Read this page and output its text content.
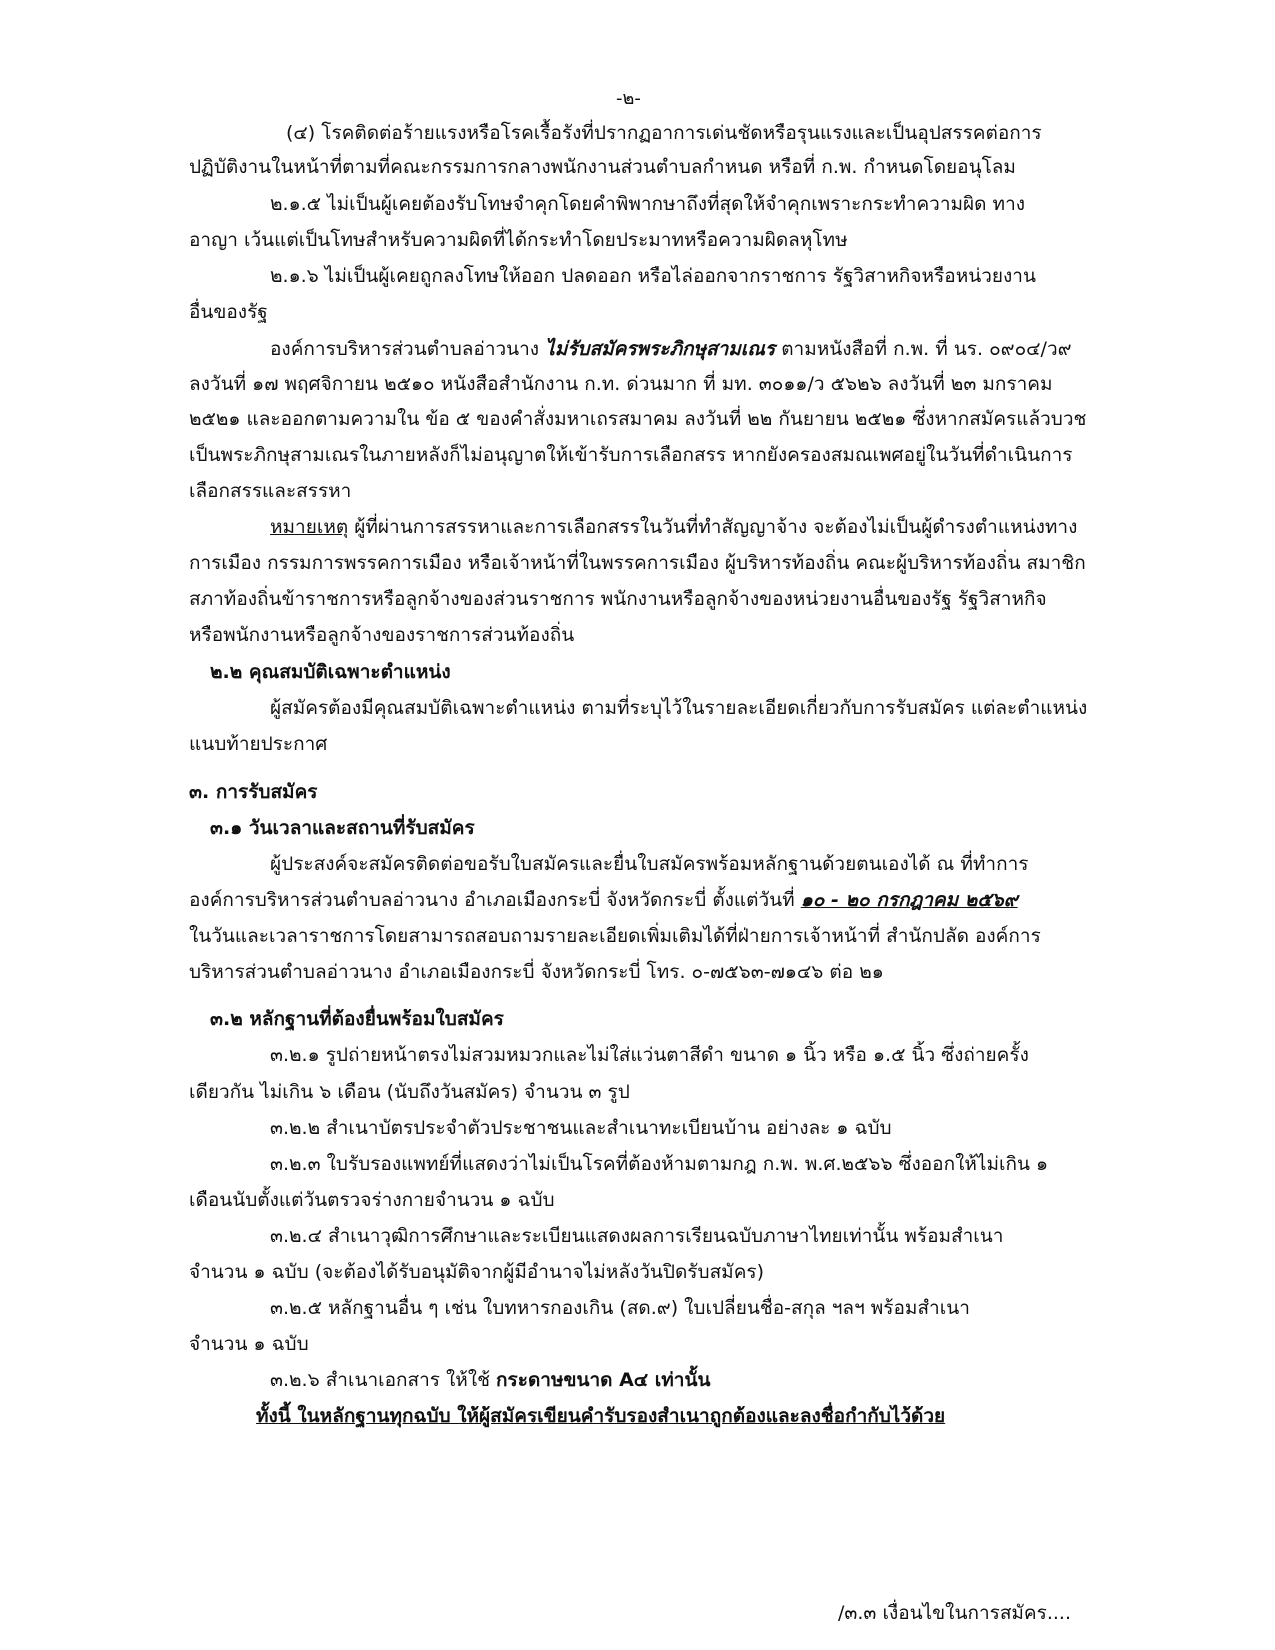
-๒-

(๔) โรคติดต่อร้ายแรงหรือโรคเรื้อรังที่ปรากฏอาการเด่นชัดหรือรุนแรงและเป็นอุปสรรคต่อการ

ปฏิบัติงานในหน้าที่ตามที่คณะกรรมการกลางพนักงานส่วนตำบลกำหนด หรือที่ ก.พ. กำหนดโดยอนุโลม

๒.๑.๕ ไม่เป็นผู้เคยต้องรับโทษจำคุกโดยคำพิพากษาถึงที่สุดให้จำคุกเพราะกระทำความผิด ทาง

อาญา เว้นแต่เป็นโทษสำหรับความผิดที่ได้กระทำโดยประมาทหรือความผิดลหุโทษ

๒.๑.๖ ไม่เป็นผู้เคยถูกลงโทษให้ออก ปลดออก หรือไล่ออกจากราชการ รัฐวิสาหกิจหรือหน่วยงาน

อื่นของรัฐ

องค์การบริหารส่วนตำบลอ่าวนาง ไม่รับสมัครพระภิกษุสามเณร ตามหนังสือที่ ก.พ. ที่ นร. ๐๙๐๔/ว๙

ลงวันที่ ๑๗ พฤศจิกายน ๒๕๑๐ หนังสือสำนักงาน ก.ท. ด่วนมาก ที่ มท. ๓๐๑๑/ว ๕๖๒๖ ลงวันที่ ๒๓ มกราคม

๒๕๒๑ และออกตามความใน ข้อ ๕ ของคำสั่งมหาเถรสมาคม ลงวันที่ ๒๒ กันยายน ๒๕๒๑ ซึ่งหากสมัครแล้วบวช

เป็นพระภิกษุสามเณรในภายหลังก็ไม่อนุญาตให้เข้ารับการเลือกสรร หากยังครองสมณเพศอยู่ในวันที่ดำเนินการ

เลือกสรรและสรรหา

หมายเหตุ ผู้ที่ผ่านการสรรหาและการเลือกสรรในวันที่ทำสัญญาจ้าง จะต้องไม่เป็นผู้ดำรงตำแหน่งทาง

การเมือง กรรมการพรรคการเมือง หรือเจ้าหน้าที่ในพรรคการเมือง ผู้บริหารท้องถิ่น คณะผู้บริหารท้องถิ่น สมาชิก

สภาท้องถิ่นข้าราชการหรือลูกจ้างของส่วนราชการ พนักงานหรือลูกจ้างของหน่วยงานอื่นของรัฐ รัฐวิสาหกิจ

หรือพนักงานหรือลูกจ้างของราชการส่วนท้องถิ่น

๒.๒ คุณสมบัติเฉพาะตำแหน่ง

ผู้สมัครต้องมีคุณสมบัติเฉพาะตำแหน่ง ตามที่ระบุไว้ในรายละเอียดเกี่ยวกับการรับสมัคร แต่ละตำแหน่ง

แนบท้ายประกาศ

๓. การรับสมัคร

๓.๑ วันเวลาและสถานที่รับสมัคร

ผู้ประสงค์จะสมัครติดต่อขอรับใบสมัครและยื่นใบสมัครพร้อมหลักฐานด้วยตนเองได้ ณ ที่ทำการ

องค์การบริหารส่วนตำบลอ่าวนาง อำเภอเมืองกระบี่ จังหวัดกระบี่ ตั้งแต่วันที่ ๑๐ - ๒๐ กรกฎาคม ๒๕๖๙

ในวันและเวลาราชการโดยสามารถสอบถามรายละเอียดเพิ่มเติมได้ที่ฝ่ายการเจ้าหน้าที่ สำนักปลัด องค์การ

บริหารส่วนตำบลอ่าวนาง อำเภอเมืองกระบี่ จังหวัดกระบี่ โทร. ๐-๗๕๖๓-๗๑๔๖ ต่อ ๒๑

๓.๒ หลักฐานที่ต้องยื่นพร้อมใบสมัคร

๓.๒.๑ รูปถ่ายหน้าตรงไม่สวมหมวกและไม่ใส่แว่นตาสีดำ ขนาด ๑ นิ้ว หรือ ๑.๕ นิ้ว ซึ่งถ่ายครั้ง

เดียวกัน ไม่เกิน ๖ เดือน (นับถึงวันสมัคร) จำนวน ๓ รูป

๓.๒.๒ สำเนาบัตรประจำตัวประชาชนและสำเนาทะเบียนบ้าน อย่างละ ๑ ฉบับ

๓.๒.๓ ใบรับรองแพทย์ที่แสดงว่าไม่เป็นโรคที่ต้องห้ามตามกฎ ก.พ. พ.ศ.๒๕๖๖ ซึ่งออกให้ไม่เกิน ๑

เดือนนับตั้งแต่วันตรวจร่างกายจำนวน ๑ ฉบับ

๓.๒.๔ สำเนาวุฒิการศึกษาและระเบียนแสดงผลการเรียนฉบับภาษาไทยเท่านั้น พร้อมสำเนา

จำนวน ๑ ฉบับ (จะต้องได้รับอนุมัติจากผู้มีอำนาจไม่หลังวันปิดรับสมัคร)

๓.๒.๕ หลักฐานอื่น ๆ เช่น ใบทหารกองเกิน (สด.๙) ใบเปลี่ยนชื่อ-สกุล ฯลฯ พร้อมสำเนา

จำนวน ๑ ฉบับ

๓.๒.๖ สำเนาเอกสาร ให้ใช้ กระดาษขนาด A๔ เท่านั้น

ทั้งนี้ ในหลักฐานทุกฉบับ ให้ผู้สมัครเขียนคำรับรองสำเนาถูกต้องและลงชื่อกำกับไว้ด้วย

/๓.๓ เงื่อนไขในการสมัคร....
